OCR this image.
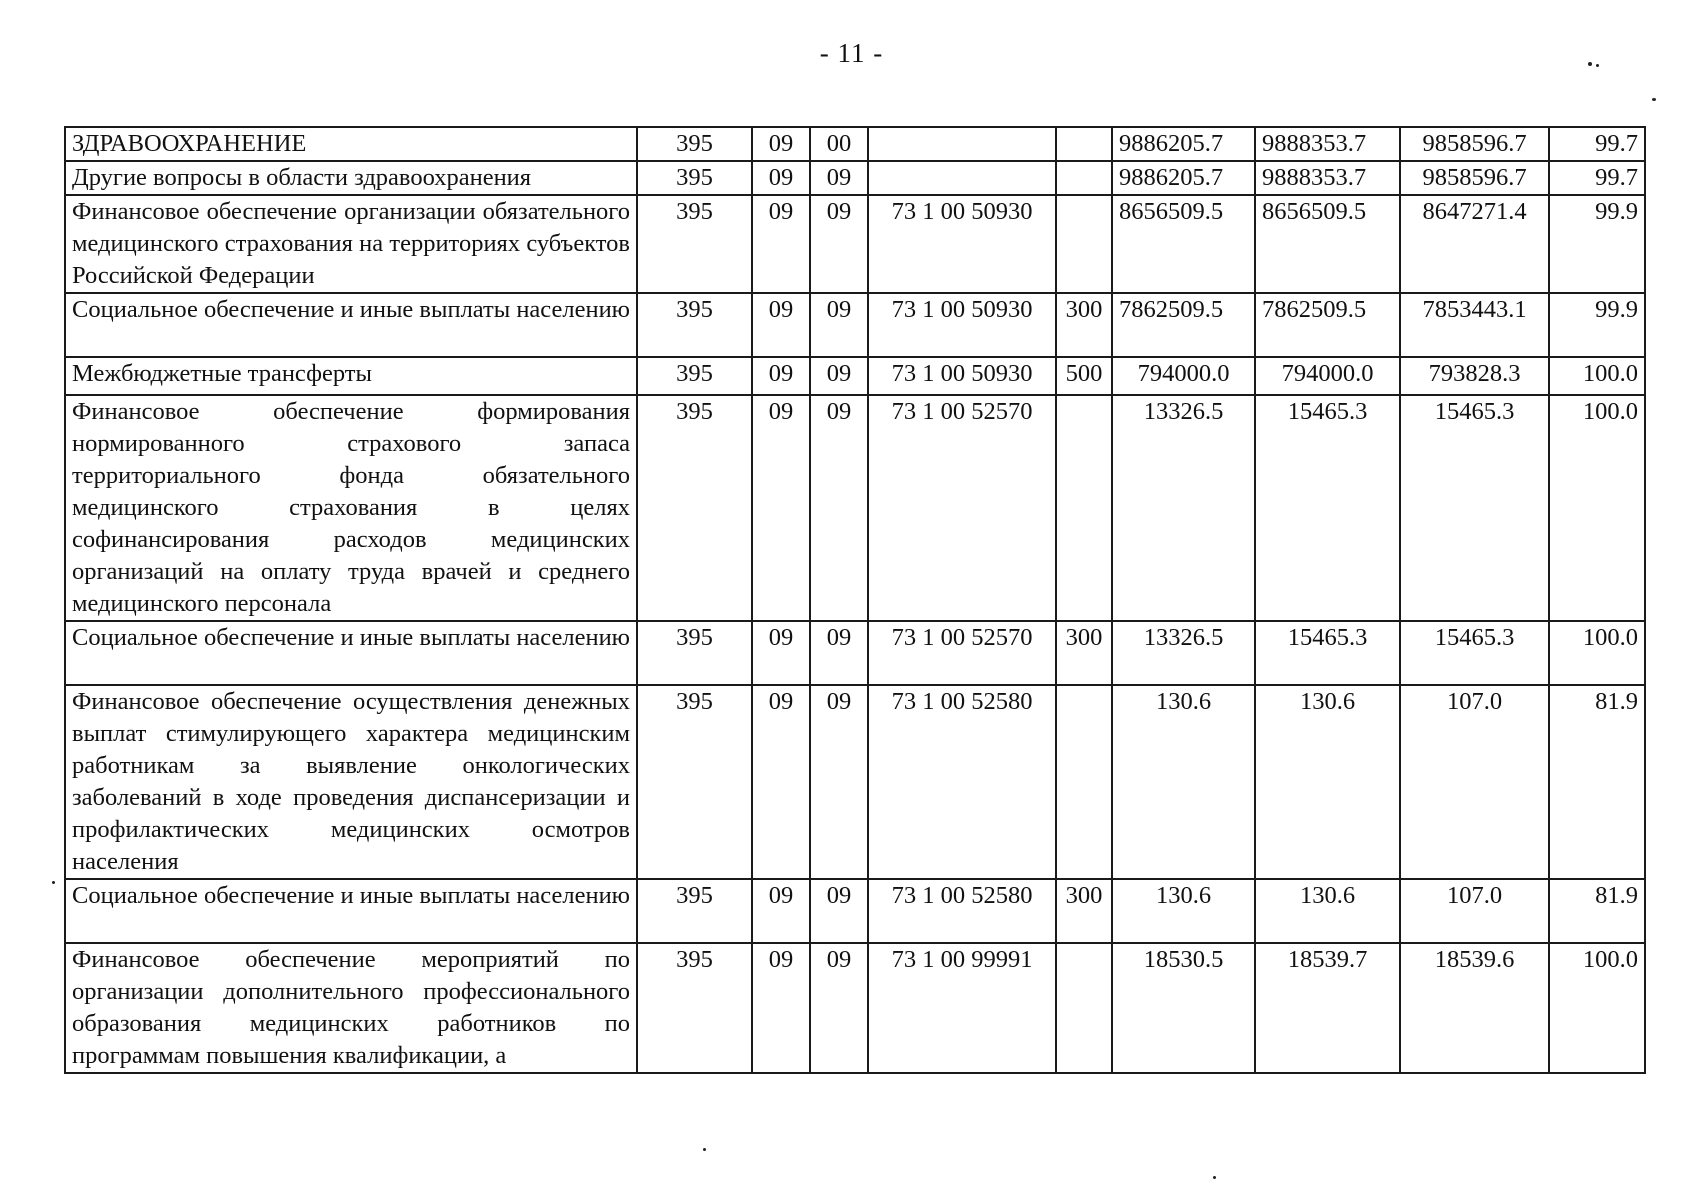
- 11 -
ЗДРАВООХРАНЕНИЕ	395	09	00			9886205.7	9888353.7	9858596.7	99.7
Другие вопросы в области здравоохранения	395	09	09			9886205.7	9888353.7	9858596.7	99.7
Финансовое обеспечение организации обязательного медицинского страхования на территориях субъектов Российской Федерации	395	09	09	73 1 00 50930		8656509.5	8656509.5	8647271.4	99.9
Социальное обеспечение и иные выплаты населению	395	09	09	73 1 00 50930	300	7862509.5	7862509.5	7853443.1	99.9
Межбюджетные трансферты	395	09	09	73 1 00 50930	500	794000.0	794000.0	793828.3	100.0
Финансовое обеспечение формирования нормированного страхового запаса территориального фонда обязательного медицинского страхования в целях софинансирования расходов медицинских организаций на оплату труда врачей и среднего медицинского персонала	395	09	09	73 1 00 52570		13326.5	15465.3	15465.3	100.0
Социальное обеспечение и иные выплаты населению	395	09	09	73 1 00 52570	300	13326.5	15465.3	15465.3	100.0
Финансовое обеспечение осуществления денежных выплат стимулирующего характера медицинским работникам за выявление онкологических заболеваний в ходе проведения диспансеризации и профилактических медицинских осмотров населения	395	09	09	73 1 00 52580		130.6	130.6	107.0	81.9
Социальное обеспечение и иные выплаты населению	395	09	09	73 1 00 52580	300	130.6	130.6	107.0	81.9
Финансовое обеспечение мероприятий по организации дополнительного профессионального образования медицинских работников по программам повышения квалификации, а	395	09	09	73 1 00 99991		18530.5	18539.7	18539.6	100.0
